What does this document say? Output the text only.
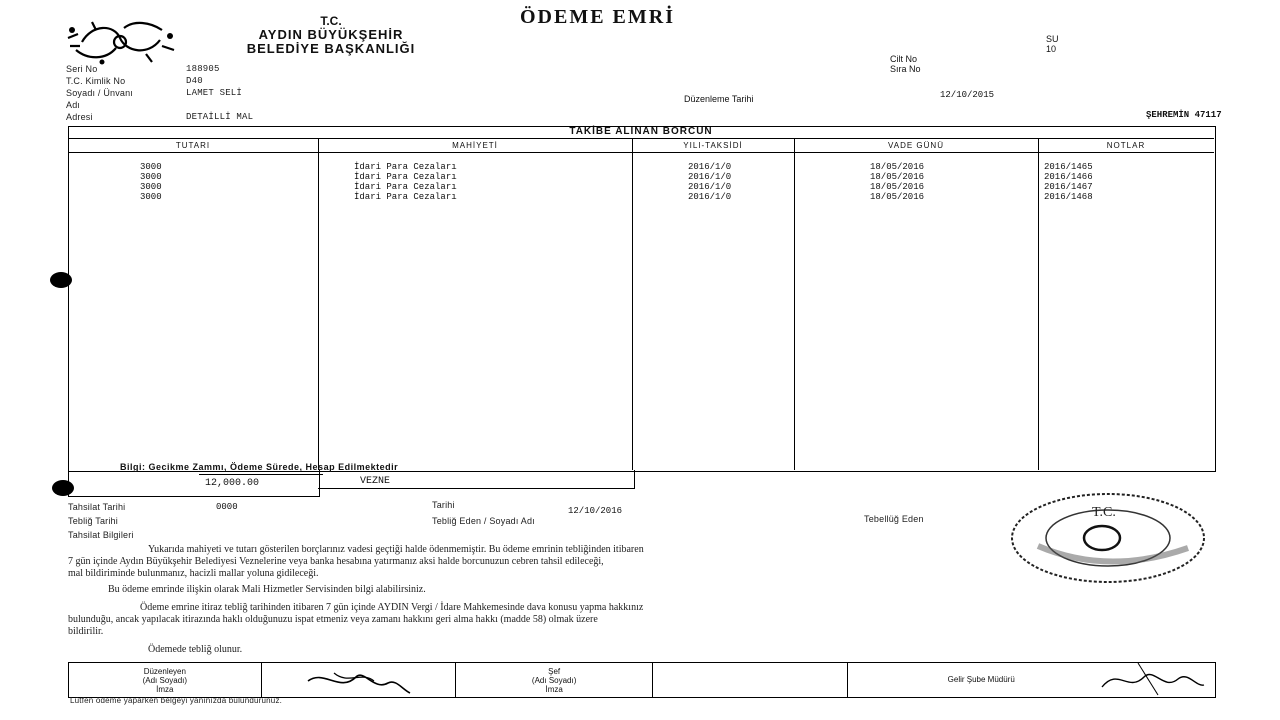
ÖDEME EMRİ
T.C.
AYDIN BÜYÜKŞEHİR
BELEDİYE BAŞKANLIĞI
Seri No	188905
T.C. Kimlik No	D40
Soyadı / Ünvanı	LAMET SELİ
Adı
Adresi	DETAİLLİ MAL
SU
10
Cilt No
Sıra No
Düzenleme Tarihi	12/10/2015
ŞEHREMİN 47117
TAKİBE ALINAN BORCUN
TUTARI	MAHİYETİ	YILI-TAKSİDİ	VADE GÜNÜ	NOTLAR
3000	İdari Para Cezaları	2016/1/0	18/05/2016	2016/1465
3000	İdari Para Cezaları	2016/1/0	18/05/2016	2016/1466
3000	İdari Para Cezaları	2016/1/0	18/05/2016	2016/1467
3000	İdari Para Cezaları	2016/1/0	18/05/2016	2016/1468
Bilgi: Gecikme Zammı, Ödeme Sürede, Hesap Edilmektedir
12,000.00	VEZNE
Tahsilat Tarihi	0000	Tarihi
12/10/2016
Tebliğ Tarihi	Tebliğ Eden / Soyadı Adı	Tebellüğ Eden
Tahsilat Bilgileri
Yukarıda mahiyeti ve tutarı gösterilen borçlarınız vadesi geçtiği halde ödenmemiştir. Bu ödeme emrinin tebliğinden itibaren
7 gün içinde Aydın Büyükşehir Belediyesi Veznelerine veya banka hesabına yatırmanız aksi halde borcunuzun cebren tahsil edileceği,
mal bildiriminde bulunmanız, hacizli mallar yoluna gidileceği.
Bu ödeme emrinde ilişkin olarak Mali Hizmetler Servisinden bilgi alabilirsiniz.
Ödeme emrine itiraz tebliğ tarihinden itibaren 7 gün içinde AYDIN Vergi / İdare Mahkemesinde dava konusu yapma hakkınız
bulunduğu, ancak yapılacak itirazında haklı olduğunuzu ispat etmeniz veya zamanı hakkını geri alma hakkı (madde 58) olmak üzere
bildirilir.
Ödemede tebliğ olunur.
T.C.
Düzenleyen
(Adı Soyadı)
İmza
Şef
(Adı Soyadı)
İmza
Gelir Şube Müdürü
Lütfen ödeme yaparken belgeyi yanınızda bulundurunuz.
